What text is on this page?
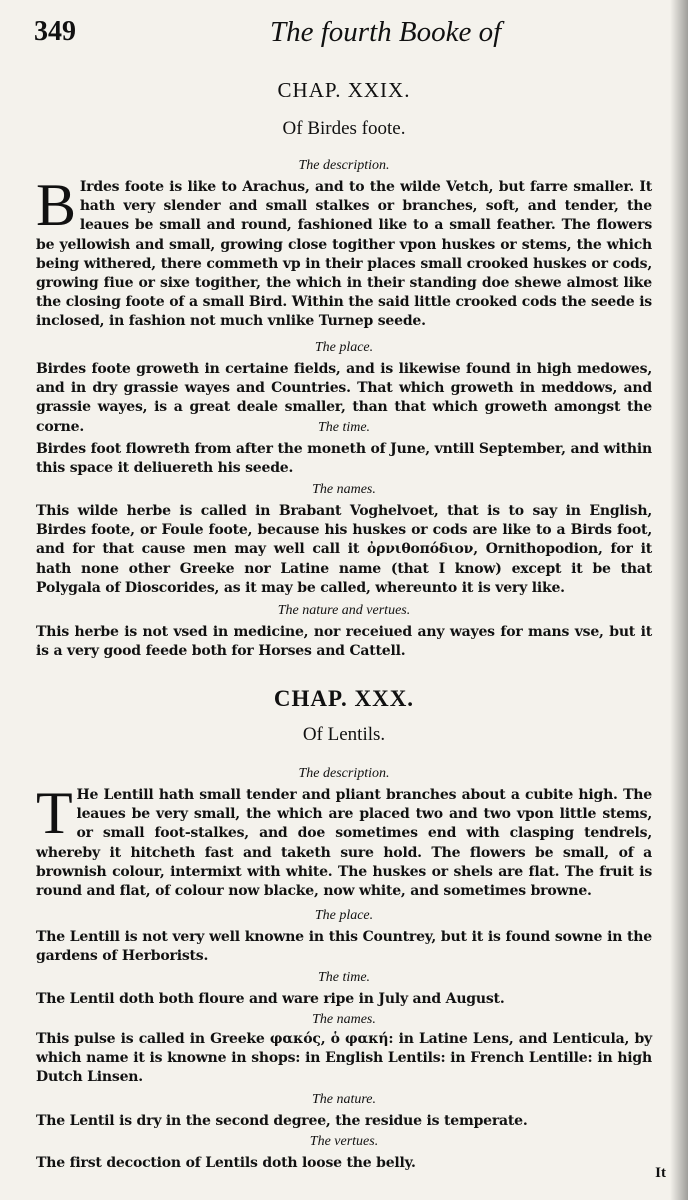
349	The fourth Booke of
CHAP. XXIX.
Of Birdes foote.
The description.
B Irdes foote is like to Arachus, and to the wilde Vetch, but farre smaller. It hath very slender and small stalkes or branches, soft, and tender, the leaues be small and round, fashioned like to a small feather. The flowers be yellowish and small, growing close togither vpon huskes or stems, the which being withered, there commeth vp in their places small crooked huskes or cods, growing fiue or sixe togither, the which in their standing doe shewe almost like the closing foote of a small Bird. Within the said little crooked cods the seede is inclosed, in fashion not much vnlike Turnep seede.
The place.
Birdes foote groweth in certaine fields, and is likewise found in high medowes, and in dry grassie wayes and Countries. That which groweth in meddows, and grassie wayes, is a great deale smaller, than that which groweth amongst the corne.	The time.
Birdes foot flowreth from after the moneth of June, vntill September, and within this space it deliuereth his seede.
The names.
This wilde herbe is called in Brabant Voghelvoet, that is to say in English, Birdes foote, or Foule foote, because his huskes or cods are like to a Birds foot, and for that cause men may well call it ὀρνιθοπόδιον, Ornithopodion, for it hath none other Greeke nor Latine name (that I know) except it be that Polygala of Dioscorides, as it may be called, whereunto it is very like.
The nature and vertues.
This herbe is not vsed in medicine, nor receiued any wayes for mans vse, but it is a very good feede both for Horses and Cattell.
CHAP. XXX.
Of Lentils.
The description.
T He Lentill hath small tender and pliant branches about a cubite high. The leaues be very small, the which are placed two and two vpon little stems, or small foot-stalkes, and doe sometimes end with clasping tendrels, whereby it hitcheth fast and taketh sure hold. The flowers be small, of a brownish colour, intermixt with white. The huskes or shels are flat. The fruit is round and flat, of colour now blacke, now white, and sometimes browne.
The place.
The Lentill is not very well knowne in this Countrey, but it is found sowne in the gardens of Herborists.
The time.
The Lentil doth both floure and ware ripe in July and August.
The names.
This pulse is called in Greeke φακός, ὁ φακή: in Latine Lens, and Lenticula, by which name it is knowne in shops: in English Lentils: in French Lentille: in high Dutch Linsen.
The nature.
The Lentil is dry in the second degree, the residue is temperate.
The vertues.
The first decoction of Lentils doth loose the belly.
It
